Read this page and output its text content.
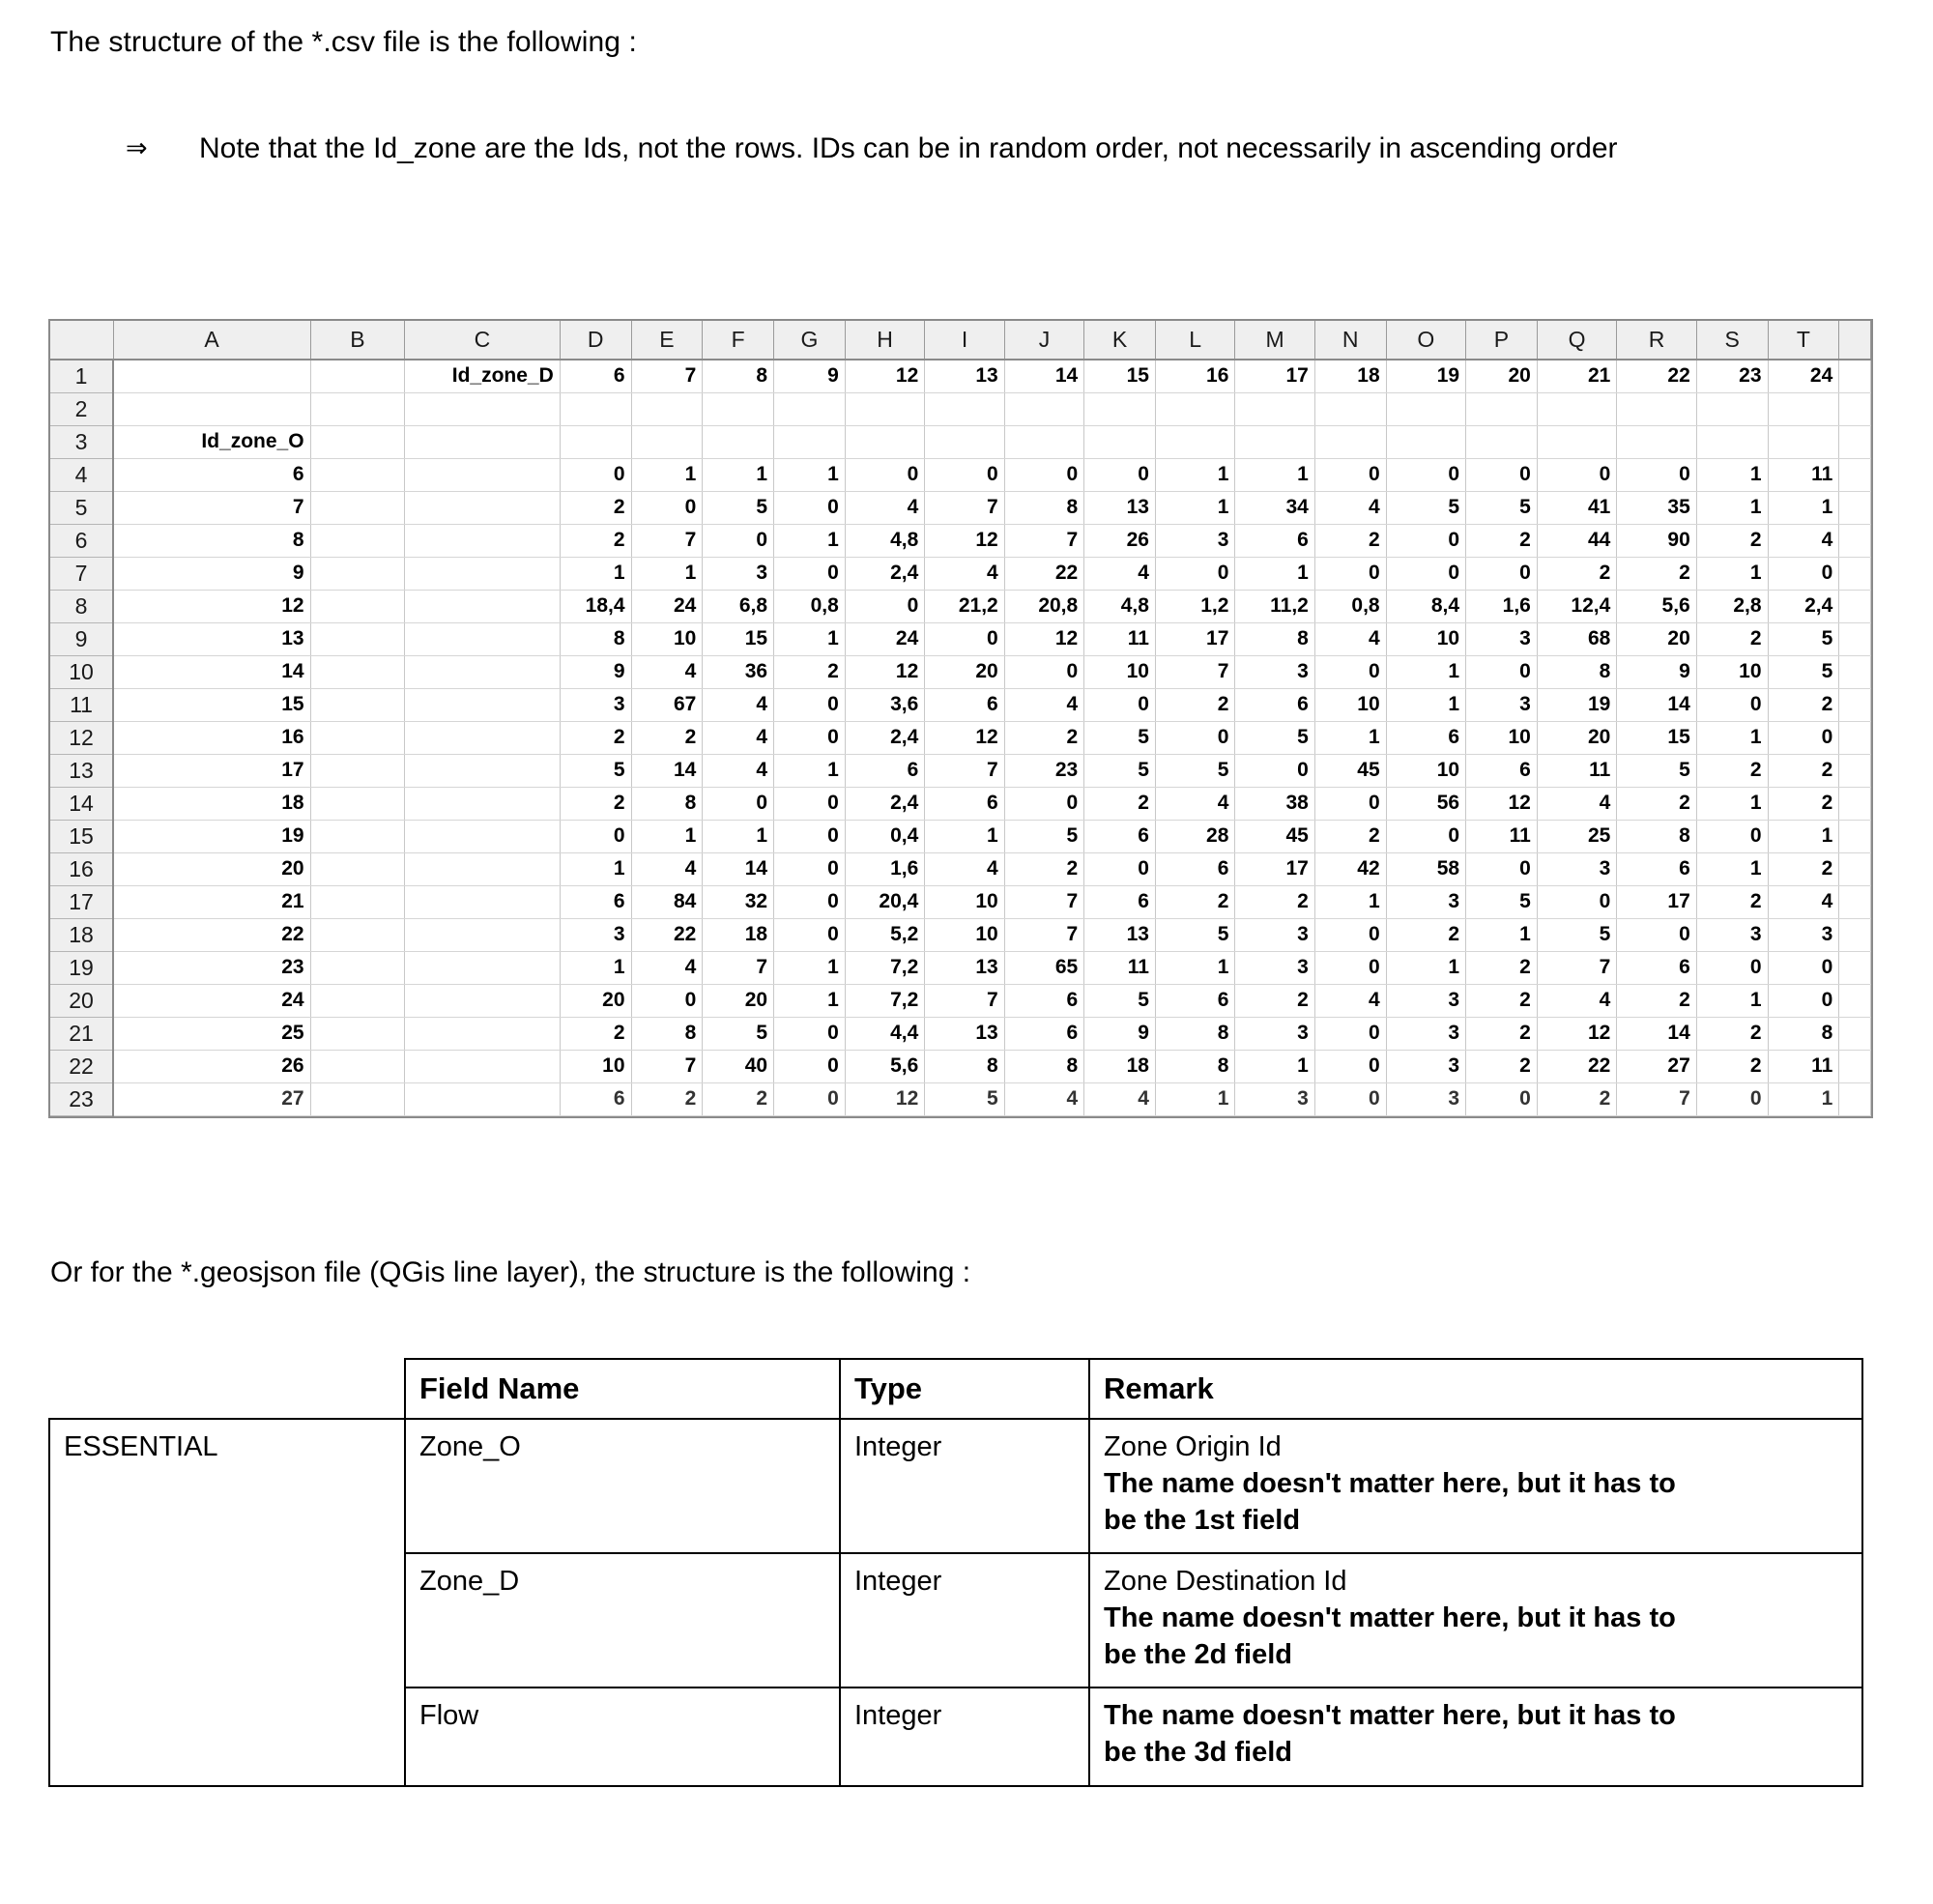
The structure of the *.csv file is the following :
⇒	Note that the Id_zone are the Ids, not the rows. IDs can be in random order, not necessarily in ascending order
	A	B	C	D	E	F	G	H	I	J	K	L	M	N	O	P	Q	R	S	T	
1			Id_zone_D	6	7	8	9	12	13	14	15	16	17	18	19	20	21	22	23	24	
2																					
3	Id_zone_O																				
4	6			0	1	1	1	0	0	0	0	1	1	0	0	0	0	0	1	11	
5	7			2	0	5	0	4	7	8	13	1	34	4	5	5	41	35	1	1	
6	8			2	7	0	1	4,8	12	7	26	3	6	2	0	2	44	90	2	4	
7	9			1	1	3	0	2,4	4	22	4	0	1	0	0	0	2	2	1	0	
8	12			18,4	24	6,8	0,8	0	21,2	20,8	4,8	1,2	11,2	0,8	8,4	1,6	12,4	5,6	2,8	2,4	
9	13			8	10	15	1	24	0	12	11	17	8	4	10	3	68	20	2	5	
10	14			9	4	36	2	12	20	0	10	7	3	0	1	0	8	9	10	5	
11	15			3	67	4	0	3,6	6	4	0	2	6	10	1	3	19	14	0	2	
12	16			2	2	4	0	2,4	12	2	5	0	5	1	6	10	20	15	1	0	
13	17			5	14	4	1	6	7	23	5	5	0	45	10	6	11	5	2	2	
14	18			2	8	0	0	2,4	6	0	2	4	38	0	56	12	4	2	1	2	
15	19			0	1	1	0	0,4	1	5	6	28	45	2	0	11	25	8	0	1	
16	20			1	4	14	0	1,6	4	2	0	6	17	42	58	0	3	6	1	2	
17	21			6	84	32	0	20,4	10	7	6	2	2	1	3	5	0	17	2	4	
18	22			3	22	18	0	5,2	10	7	13	5	3	0	2	1	5	0	3	3	
19	23			1	4	7	1	7,2	13	65	11	1	3	0	1	2	7	6	0	0	
20	24			20	0	20	1	7,2	7	6	5	6	2	4	3	2	4	2	1	0	
21	25			2	8	5	0	4,4	13	6	9	8	3	0	3	2	12	14	2	8	
22	26			10	7	40	0	5,6	8	8	18	8	1	0	3	2	22	27	2	11	
23	27			6	2	2	0	12	5	4	4	1	3	0	3	0	2	7	0	1	
Or for the *.geosjson file (QGis line layer), the structure is the following :
	Field Name	Type	Remark
ESSENTIAL	Zone_O	Integer	Zone Origin Id
The name doesn't matter here, but it has to
be the 1st field

	Zone_D	Integer	Zone Destination Id
The name doesn't matter here, but it has to
be the 2d field

	Flow	Integer	The name doesn't matter here, but it has to
be the 3d field
